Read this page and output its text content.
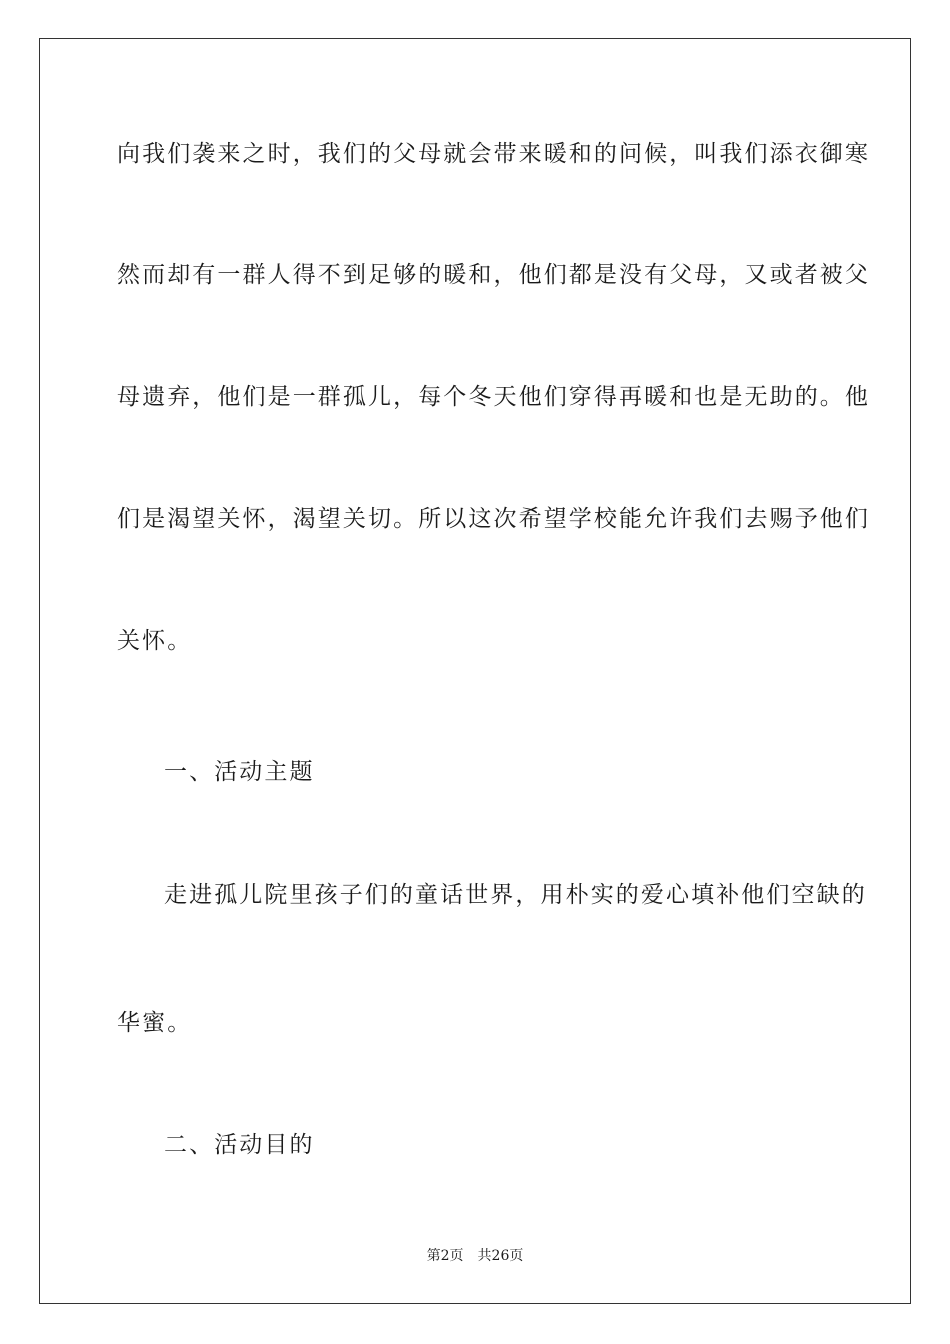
向我们袭来之时，我们的父母就会带来暖和的问候，叫我们添衣御寒
然而却有一群人得不到足够的暖和，他们都是没有父母，又或者被父
母遗弃，他们是一群孤儿，每个冬天他们穿得再暖和也是无助的。他
们是渴望关怀，渴望关切。所以这次希望学校能允许我们去赐予他们
关怀。
一、活动主题
走进孤儿院里孩子们的童话世界，用朴实的爱心填补他们空缺的
华蜜。
二、活动目的
第2页 共26页
